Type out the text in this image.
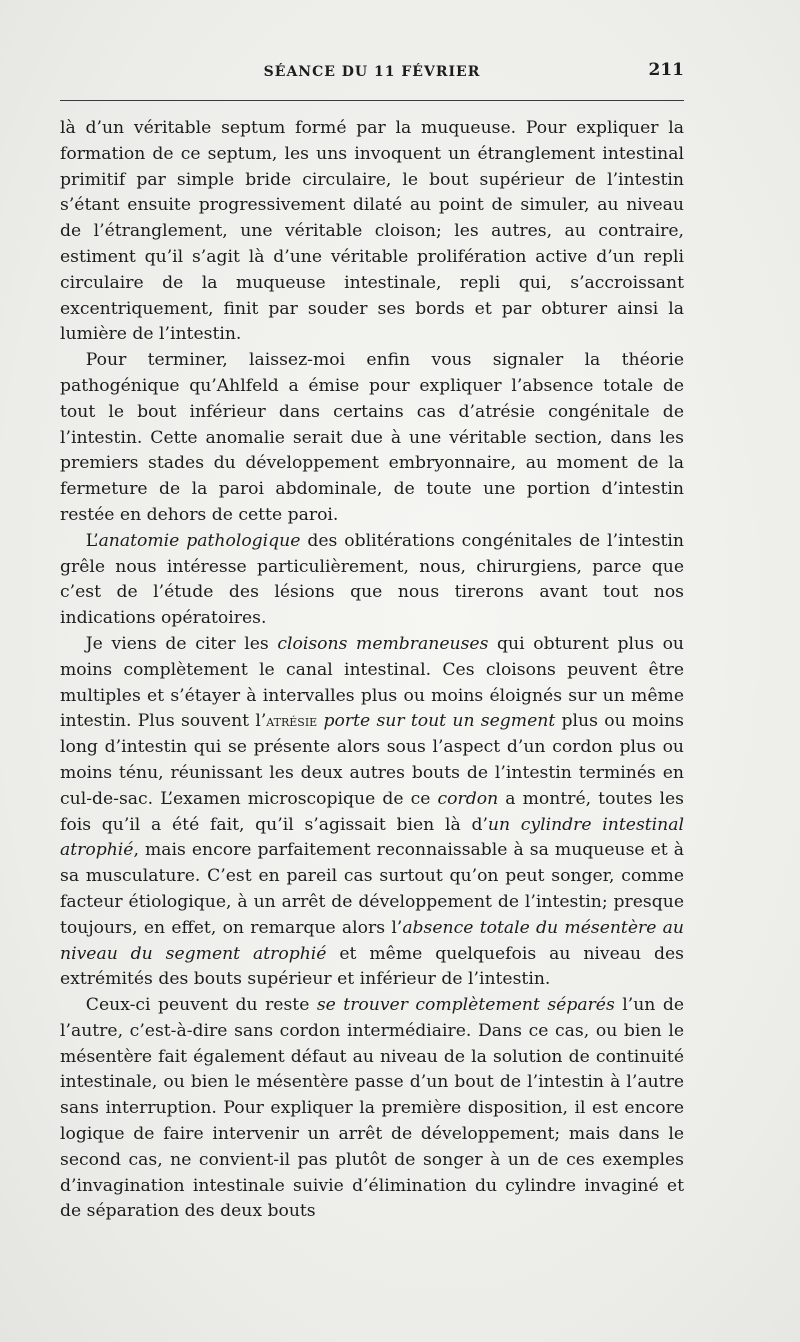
SÉANCE DU 11 FÉVRIER	211

là d’un véritable septum formé par la muqueuse. Pour expliquer la formation de ce septum, les uns invoquent un étranglement intestinal primitif par simple bride circulaire, le bout supérieur de l’intestin s’étant ensuite progressivement dilaté au point de simuler, au niveau de l’étranglement, une véritable cloison; les autres, au contraire, estiment qu’il s’agit là d’une véritable prolifération active d’un repli circulaire de la muqueuse intestinale, repli qui, s’accroissant excentriquement, finit par souder ses bords et par obturer ainsi la lumière de l’intestin.

Pour terminer, laissez-moi enfin vous signaler la théorie pathogénique qu’Ahlfeld a émise pour expliquer l’absence totale de tout le bout inférieur dans certains cas d’atrésie congénitale de l’intestin. Cette anomalie serait due à une véritable section, dans les premiers stades du développement embryonnaire, au moment de la fermeture de la paroi abdominale, de toute une portion d’intestin restée en dehors de cette paroi.

L’anatomie pathologique des oblitérations congénitales de l’intestin grêle nous intéresse particulièrement, nous, chirurgiens, parce que c’est de l’étude des lésions que nous tirerons avant tout nos indications opératoires.

Je viens de citer les cloisons membraneuses qui obturent plus ou moins complètement le canal intestinal. Ces cloisons peuvent être multiples et s’étayer à intervalles plus ou moins éloignés sur un même intestin. Plus souvent l’atrésie porte sur tout un segment plus ou moins long d’intestin qui se présente alors sous l’aspect d’un cordon plus ou moins ténu, réunissant les deux autres bouts de l’intestin terminés en cul-de-sac. L’examen microscopique de ce cordon a montré, toutes les fois qu’il a été fait, qu’il s’agissait bien là d’un cylindre intestinal atrophié, mais encore parfaitement reconnaissable à sa muqueuse et à sa musculature. C’est en pareil cas surtout qu’on peut songer, comme facteur étiologique, à un arrêt de développement de l’intestin; presque toujours, en effet, on remarque alors l’absence totale du mésentère au niveau du segment atrophié et même quelquefois au niveau des extrémités des bouts supérieur et inférieur de l’intestin.

Ceux-ci peuvent du reste se trouver complètement séparés l’un de l’autre, c’est-à-dire sans cordon intermédiaire. Dans ce cas, ou bien le mésentère fait également défaut au niveau de la solution de continuité intestinale, ou bien le mésentère passe d’un bout de l’intestin à l’autre sans interruption. Pour expliquer la première disposition, il est encore logique de faire intervenir un arrêt de développement; mais dans le second cas, ne convient-il pas plutôt de songer à un de ces exemples d’invagination intestinale suivie d’élimination du cylindre invaginé et de séparation des deux bouts
